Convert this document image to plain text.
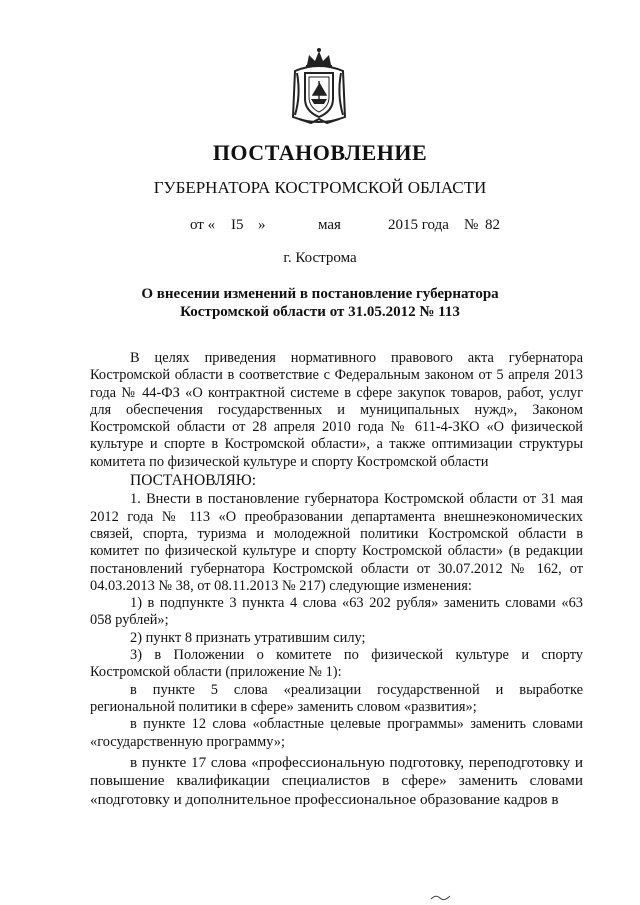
ПОСТАНОВЛЕНИЕ
ГУБЕРНАТОРА КОСТРОМСКОЙ ОБЛАСТИ
от « I5 »	мая	2015 года № 82
г. Кострома
О внесении изменений в постановление губернатора
Костромской области от 31.05.2012 № 113

В целях приведения нормативного правового акта губернатора Костромской области в соответствие с Федеральным законом от 5 апреля 2013 года № 44-ФЗ «О контрактной системе в сфере закупок товаров, работ, услуг для обеспечения государственных и муниципальных нужд», Законом Костромской области от 28 апреля 2010 года № 611-4-ЗКО «О физической культуре и спорте в Костромской области», а также оптимизации структуры комитета по физической культуре и спорту Костромской области

ПОСТАНОВЛЯЮ:

1. Внести в постановление губернатора Костромской области от 31 мая 2012 года № 113 «О преобразовании департамента внешнеэкономических связей, спорта, туризма и молодежной политики Костромской области в комитет по физической культуре и спорту Костромской области» (в редакции постановлений губернатора Костромской области от 30.07.2012 № 162, от 04.03.2013 № 38, от 08.11.2013 № 217) следующие изменения:

1) в подпункте 3 пункта 4 слова «63 202 рубля» заменить словами «63 058 рублей»;

2) пункт 8 признать утратившим силу;

3) в Положении о комитете по физической культуре и спорту Костромской области (приложение № 1):

в пункте 5 слова «реализации государственной и выработке региональной политики в сфере» заменить словом «развития»;

в пункте 12 слова «областные целевые программы» заменить словами «государственную программу»;

в пункте 17 слова «профессиональную подготовку, переподготовку и повышение квалификации специалистов в сфере» заменить словами «подготовку и дополнительное профессиональное образование кадров в
